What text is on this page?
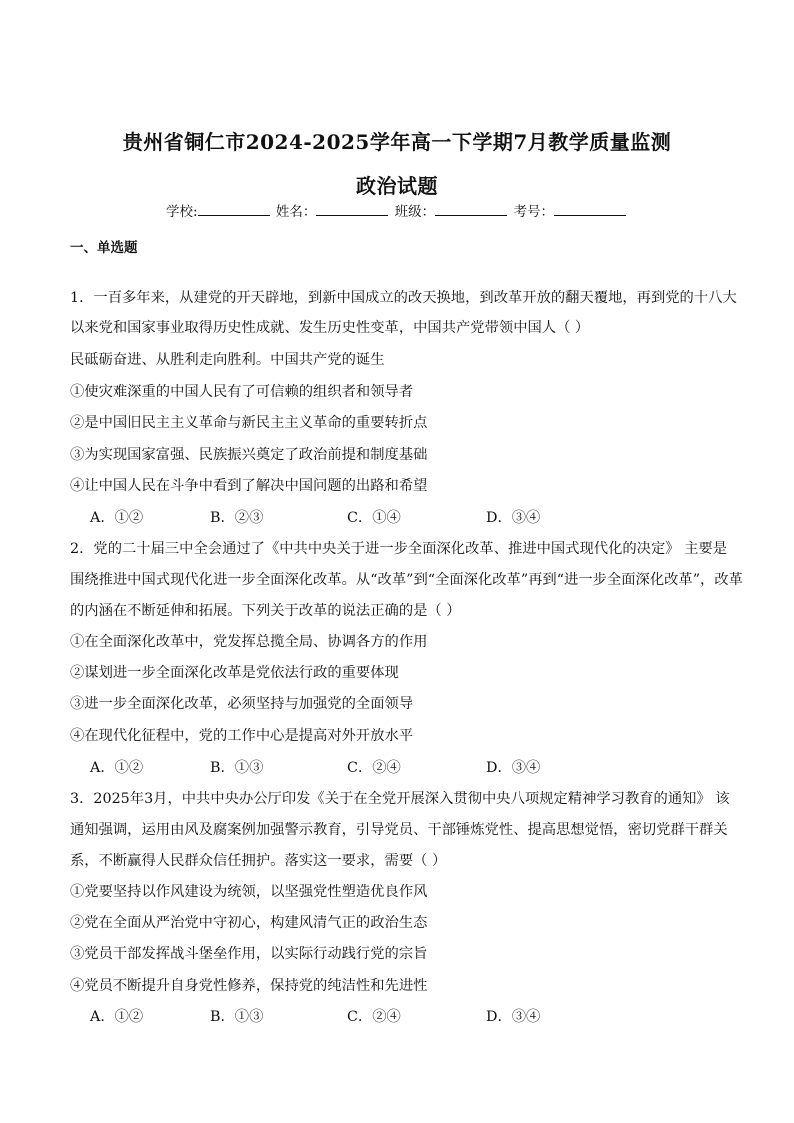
贵州省铜仁市2024-2025学年高一下学期7月教学质量监测
政治试题
学校:	姓名：	班级：	考号：
一、单选题
1．一百多年来，从建党的开天辟地，到新中国成立的改天换地，到改革开放的翻天覆地，再到党的十八大
以来党和国家事业取得历史性成就、发生历史性变革，中国共产党带领中国人（ ）
民砥砺奋进、从胜利走向胜利。中国共产党的诞生
①使灾难深重的中国人民有了可信赖的组织者和领导者
②是中国旧民主主义革命与新民主主义革命的重要转折点
③为实现国家富强、民族振兴奠定了政治前提和制度基础
④让中国人民在斗争中看到了解决中国问题的出路和希望
A．①②	B．②③	C．①④	D．③④
2．党的二十届三中全会通过了《中共中央关于进一步全面深化改革、推进中国式现代化的决定》 主要是
围绕推进中国式现代化进一步全面深化改革。从“改革”到“全面深化改革”再到“进一步全面深化改革”，改革
的内涵在不断延伸和拓展。下列关于改革的说法正确的是（ ）
①在全面深化改革中，党发挥总揽全局、协调各方的作用
②谋划进一步全面深化改革是党依法行政的重要体现
③进一步全面深化改革，必须坚持与加强党的全面领导
④在现代化征程中，党的工作中心是提高对外开放水平
A．①②	B．①③	C．②④	D．③④
3．2025年3月，中共中央办公厅印发《关于在全党开展深入贯彻中央八项规定精神学习教育的通知》 该
通知强调，运用由风及腐案例加强警示教育，引导党员、干部锤炼党性、提高思想觉悟，密切党群干群关
系，不断赢得人民群众信任拥护。落实这一要求，需要（ ）
①党要坚持以作风建设为统领，以坚强党性塑造优良作风
②党在全面从严治党中守初心，构建风清气正的政治生态
③党员干部发挥战斗堡垒作用，以实际行动践行党的宗旨
④党员不断提升自身党性修养，保持党的纯洁性和先进性
A．①②	B．①③	C．②④	D．③④
